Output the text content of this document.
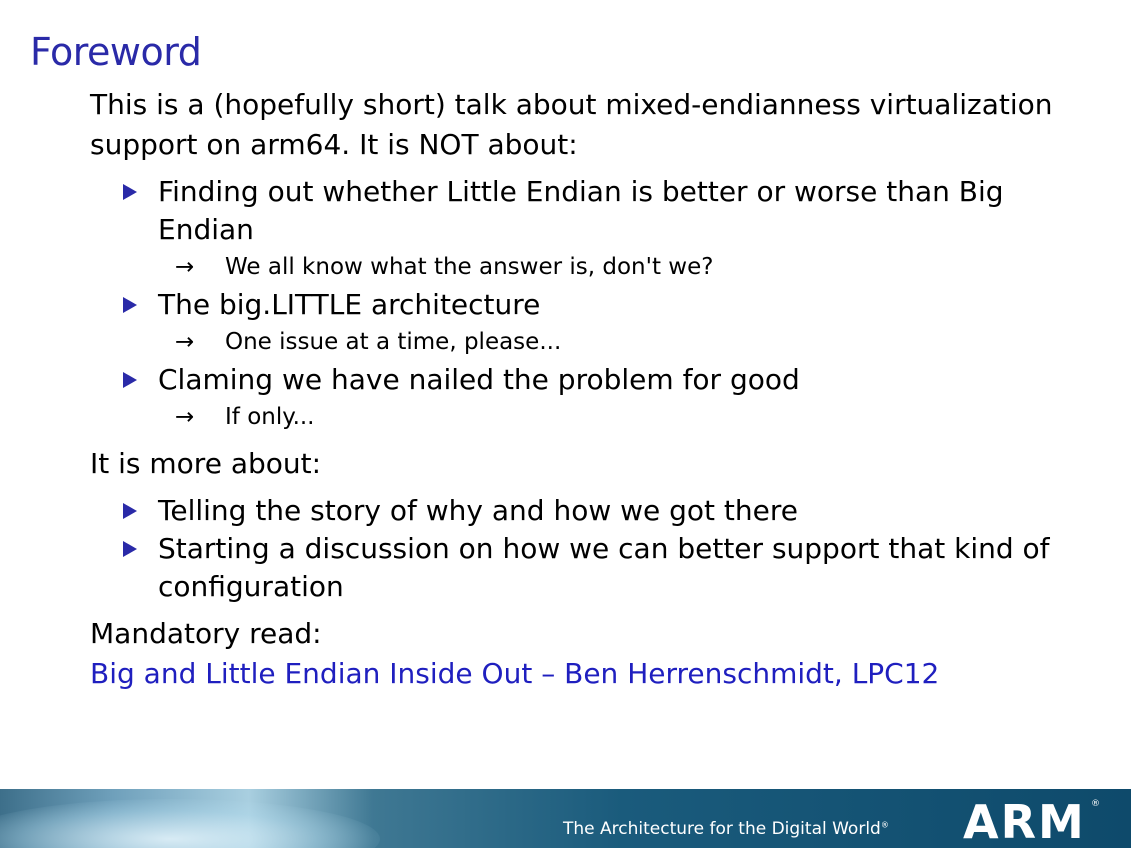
Foreword

This is a (hopefully short) talk about mixed-endianness virtualization support on arm64. It is NOT about:

Finding out whether Little Endian is better or worse than Big Endian
→ We all know what the answer is, don't we?
The big.LITTLE architecture
→ One issue at a time, please...
Claming we have nailed the problem for good
→ If only...

It is more about:

Telling the story of why and how we got there
Starting a discussion on how we can better support that kind of configuration

Mandatory read:

Big and Little Endian Inside Out – Ben Herrenschmidt, LPC12

The Architecture for the Digital World® ARM ®
